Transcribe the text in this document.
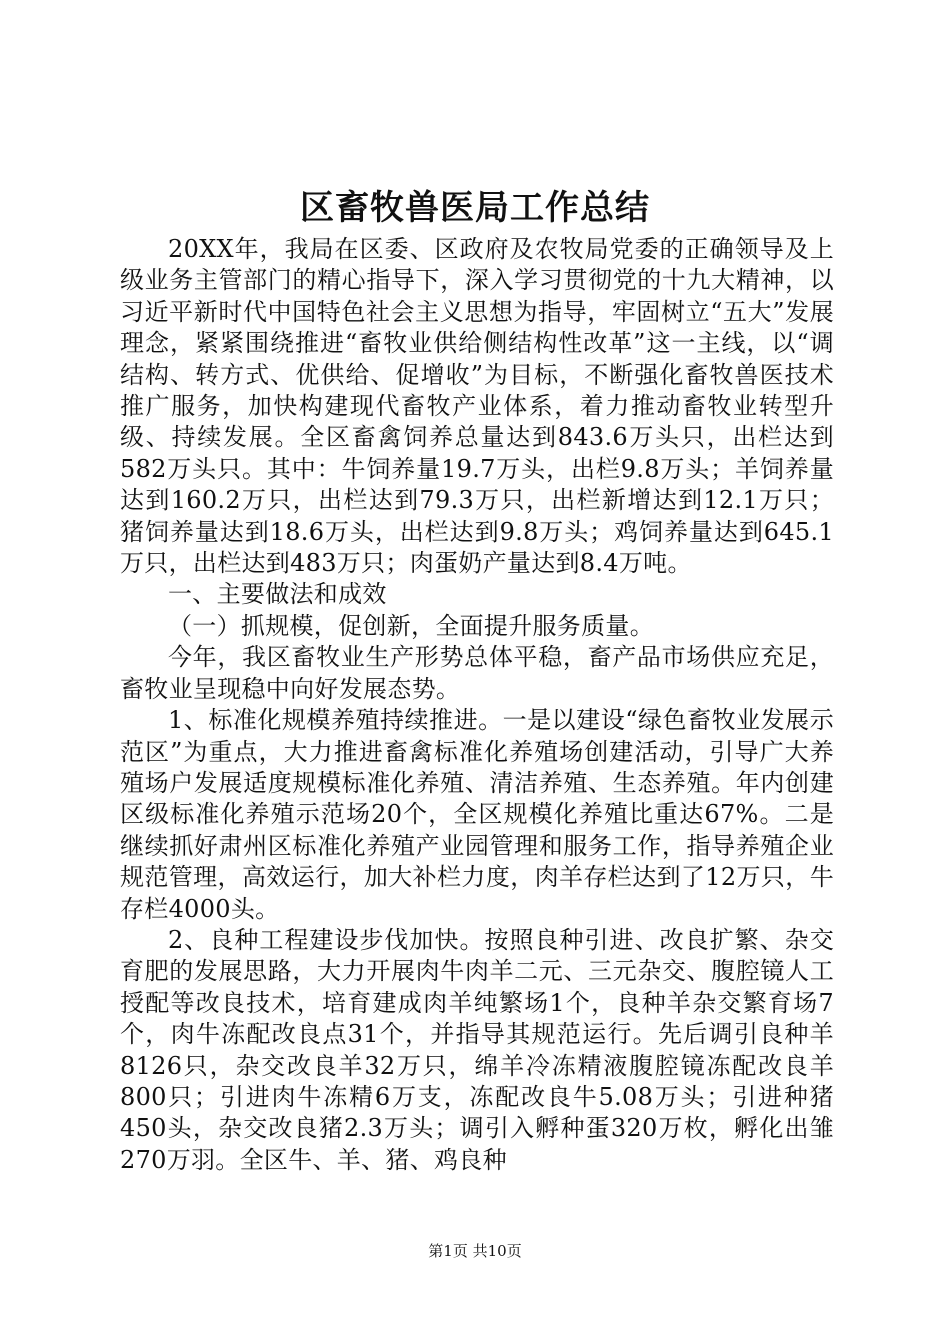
区畜牧兽医局工作总结

20XX年，我局在区委、区政府及农牧局党委的正确领导及上级业务主管部门的精心指导下，深入学习贯彻党的十九大精神，以习近平新时代中国特色社会主义思想为指导，牢固树立“五大”发展理念，紧紧围绕推进“畜牧业供给侧结构性改革”这一主线，以“调结构、转方式、优供给、促增收”为目标，不断强化畜牧兽医技术推广服务，加快构建现代畜牧产业体系，着力推动畜牧业转型升级、持续发展。全区畜禽饲养总量达到843.6万头只，出栏达到582万头只。其中：牛饲养量19.7万头，出栏9.8万头；羊饲养量达到160.2万只，出栏达到79.3万只，出栏新增达到12.1万只；猪饲养量达到18.6万头，出栏达到9.8万头；鸡饲养量达到645.1万只，出栏达到483万只；肉蛋奶产量达到8.4万吨。

一、主要做法和成效

（一）抓规模，促创新，全面提升服务质量。

今年，我区畜牧业生产形势总体平稳，畜产品市场供应充足，畜牧业呈现稳中向好发展态势。

1、标准化规模养殖持续推进。一是以建设“绿色畜牧业发展示范区”为重点，大力推进畜禽标准化养殖场创建活动，引导广大养殖场户发展适度规模标准化养殖、清洁养殖、生态养殖。年内创建区级标准化养殖示范场20个，全区规模化养殖比重达67%。二是继续抓好肃州区标准化养殖产业园管理和服务工作，指导养殖企业规范管理，高效运行，加大补栏力度，肉羊存栏达到了12万只，牛存栏4000头。

2、良种工程建设步伐加快。按照良种引进、改良扩繁、杂交育肥的发展思路，大力开展肉牛肉羊二元、三元杂交、腹腔镜人工授配等改良技术，培育建成肉羊纯繁场1个，良种羊杂交繁育场7个，肉牛冻配改良点31个，并指导其规范运行。先后调引良种羊8126只，杂交改良羊32万只，绵羊冷冻精液腹腔镜冻配改良羊800只；引进肉牛冻精6万支，冻配改良牛5.08万头；引进种猪450头，杂交改良猪2.3万头；调引入孵种蛋320万枚，孵化出雏270万羽。全区牛、羊、猪、鸡良种

第1页 共10页
